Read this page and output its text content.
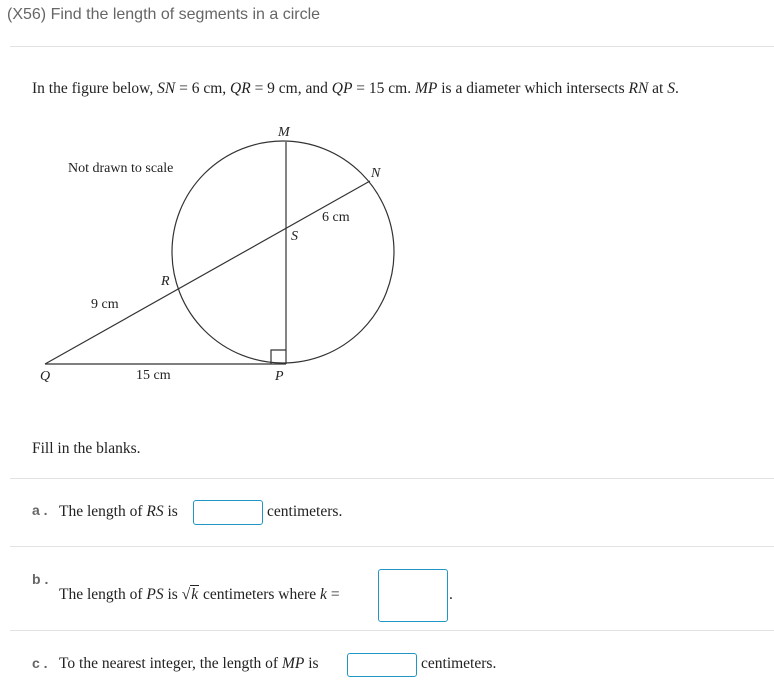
(X56) Find the length of segments in a circle
In the figure below, SN = 6 cm, QR = 9 cm, and QP = 15 cm. MP is a diameter which intersects RN at S.
Not drawn to scale
M
N
S
R
Q	P
6 cm
9 cm
15 cm
Fill in the blanks.
a . The length of RS is	centimeters.
b .
The length of PS is √k centimeters where k =	.
c . To the nearest integer, the length of MP is	centimeters.
